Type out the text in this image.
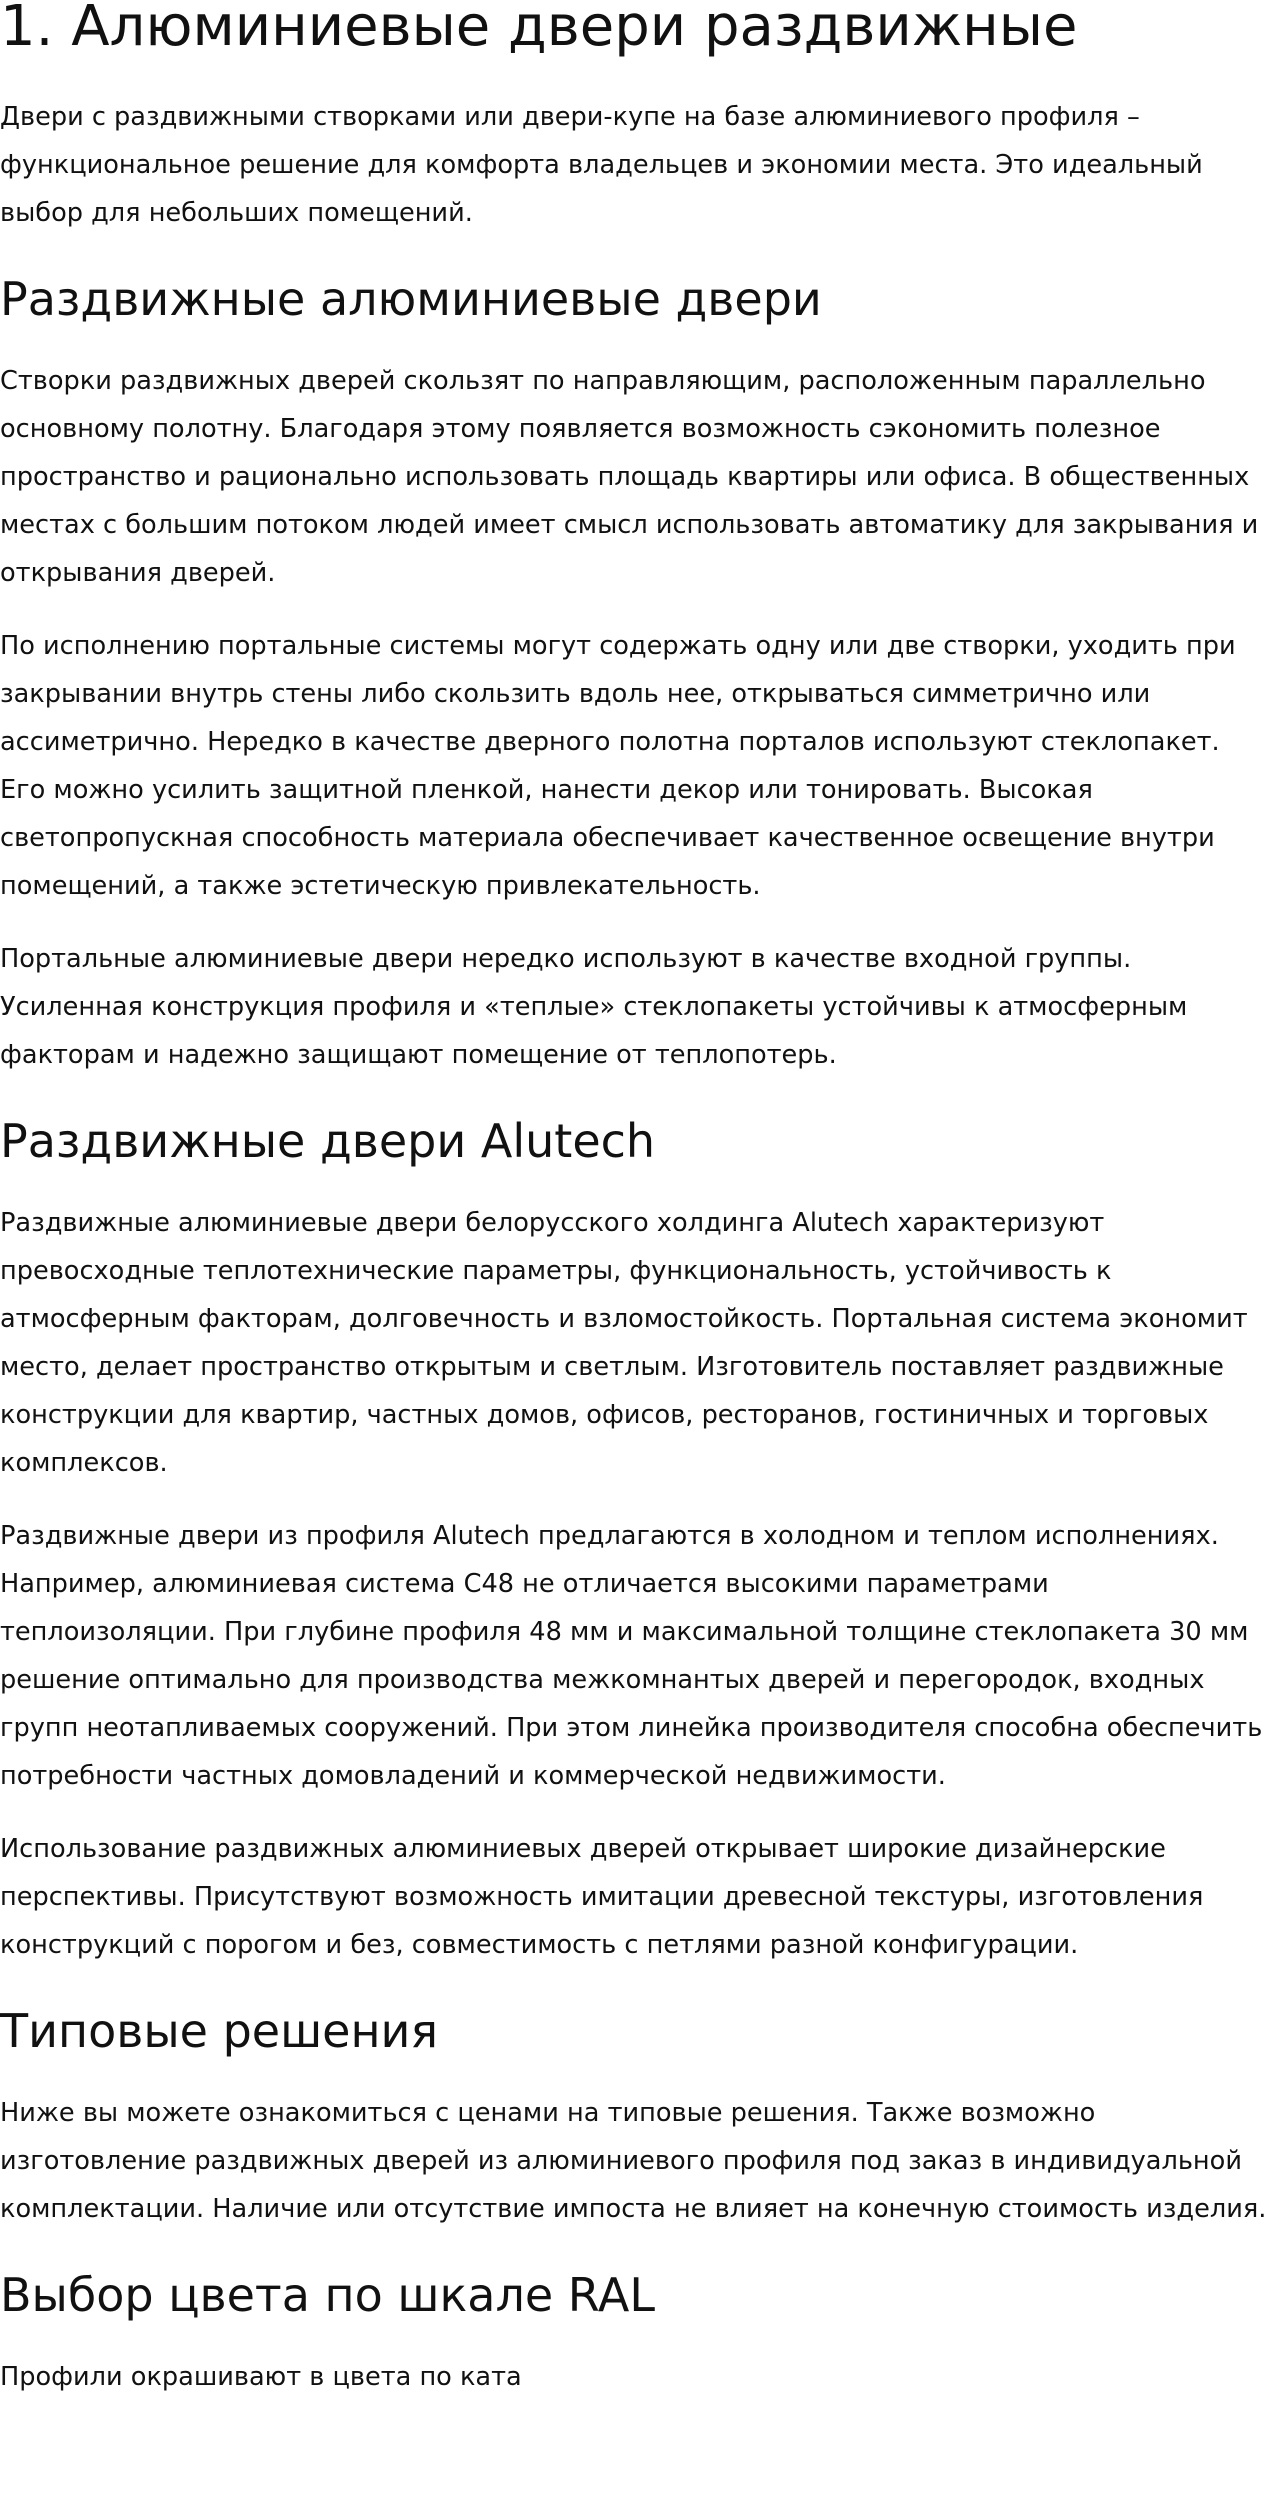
1. Алюминиевые двери раздвижные

Двери с раздвижными створками или двери-купе на базе алюминиевого профиля – функциональное решение для комфорта владельцев и экономии места. Это идеальный выбор для небольших помещений.

Раздвижные алюминиевые двери

Створки раздвижных дверей скользят по направляющим, расположенным параллельно основному полотну. Благодаря этому появляется возможность сэкономить полезное пространство и рационально использовать площадь квартиры или офиса. В общественных местах с большим потоком людей имеет смысл использовать автоматику для закрывания и открывания дверей.

По исполнению портальные системы могут содержать одну или две створки, уходить при закрывании внутрь стены либо скользить вдоль нее, открываться симметрично или ассиметрично. Нередко в качестве дверного полотна порталов используют стеклопакет. Его можно усилить защитной пленкой, нанести декор или тонировать. Высокая светопропускная способность материала обеспечивает качественное освещение внутри помещений, а также эстетическую привлекательность.

Портальные алюминиевые двери нередко используют в качестве входной группы. Усиленная конструкция профиля и «теплые» стеклопакеты устойчивы к атмосферным факторам и надежно защищают помещение от теплопотерь.

Раздвижные двери Alutech

Раздвижные алюминиевые двери белорусского холдинга Alutech характеризуют превосходные теплотехнические параметры, функциональность, устойчивость к атмосферным факторам, долговечность и взломостойкость. Портальная система экономит место, делает пространство открытым и светлым. Изготовитель поставляет раздвижные конструкции для квартир, частных домов, офисов, ресторанов, гостиничных и торговых комплексов.

Раздвижные двери из профиля Alutech предлагаются в холодном и теплом исполнениях. Например, алюминиевая система С48 не отличается высокими параметрами теплоизоляции. При глубине профиля 48 мм и максимальной толщине стеклопакета 30 мм решение оптимально для производства межкомнантых дверей и перегородок, входных групп неотапливаемых сооружений. При этом линейка производителя способна обеспечить потребности частных домовладений и коммерческой недвижимости.

Использование раздвижных алюминиевых дверей открывает широкие дизайнерские перспективы. Присутствуют возможность имитации древесной текстуры, изготовления конструкций с порогом и без, совместимость с петлями разной конфигурации.

Типовые решения

Ниже вы можете ознакомиться с ценами на типовые решения. Также возможно изготовление раздвижных дверей из алюминиевого профиля под заказ в индивидуальной комплектации. Наличие или отсутствие импоста не влияет на конечную стоимость изделия.

Выбор цвета по шкале RAL

Профили окрашивают в цвета по ката
